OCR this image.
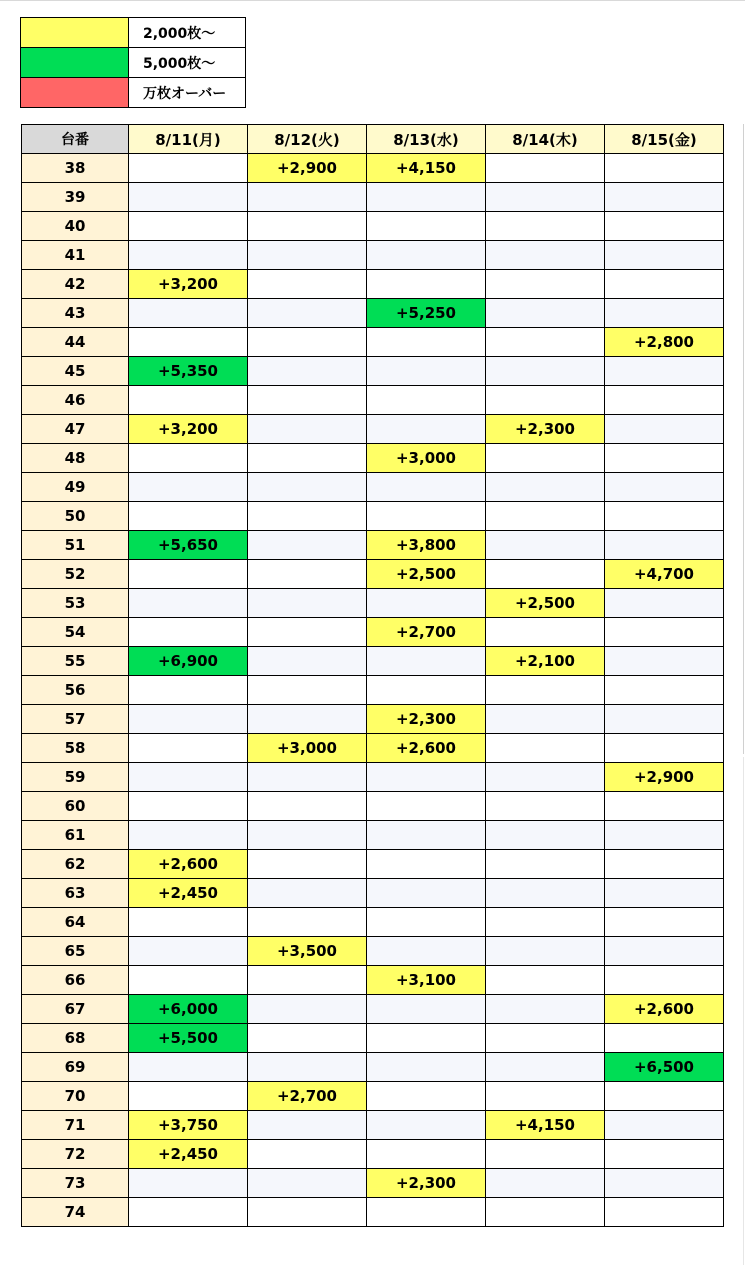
	2,000枚～
	5,000枚～
	万枚オーバー
台番	8/11(月)	8/12(火)	8/13(水)	8/14(木)	8/15(金)
38		+2,900	+4,150		
39					
40					
41					
42	+3,200				
43			+5,250		
44					+2,800
45	+5,350				
46					
47	+3,200			+2,300	
48			+3,000		
49					
50					
51	+5,650		+3,800		
52			+2,500		+4,700
53				+2,500	
54			+2,700		
55	+6,900			+2,100	
56					
57			+2,300		
58		+3,000	+2,600		
59					+2,900
60					
61					
62	+2,600				
63	+2,450				
64					
65		+3,500			
66			+3,100		
67	+6,000				+2,600
68	+5,500				
69					+6,500
70		+2,700			
71	+3,750			+4,150	
72	+2,450				
73			+2,300		
74					
